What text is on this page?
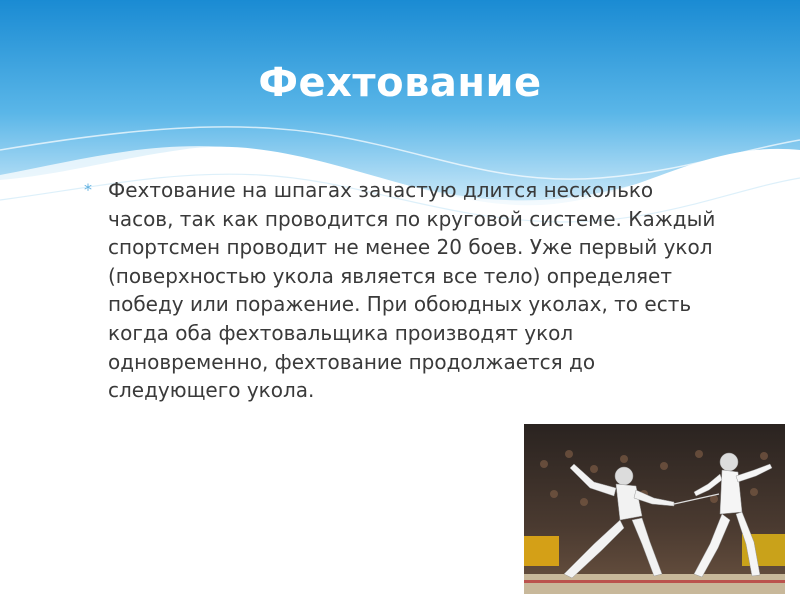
Фехтование
* Фехтование на шпагах зачастую длится несколько часов, так как проводится по круговой системе. Каждый спортсмен проводит не менее 20 боев. Уже первый укол (поверхностью укола является все тело) определяет победу или поражение. При обоюдных уколах, то есть когда оба фехтовальщика производят укол одновременно, фехтование продолжается до следующего укола.
